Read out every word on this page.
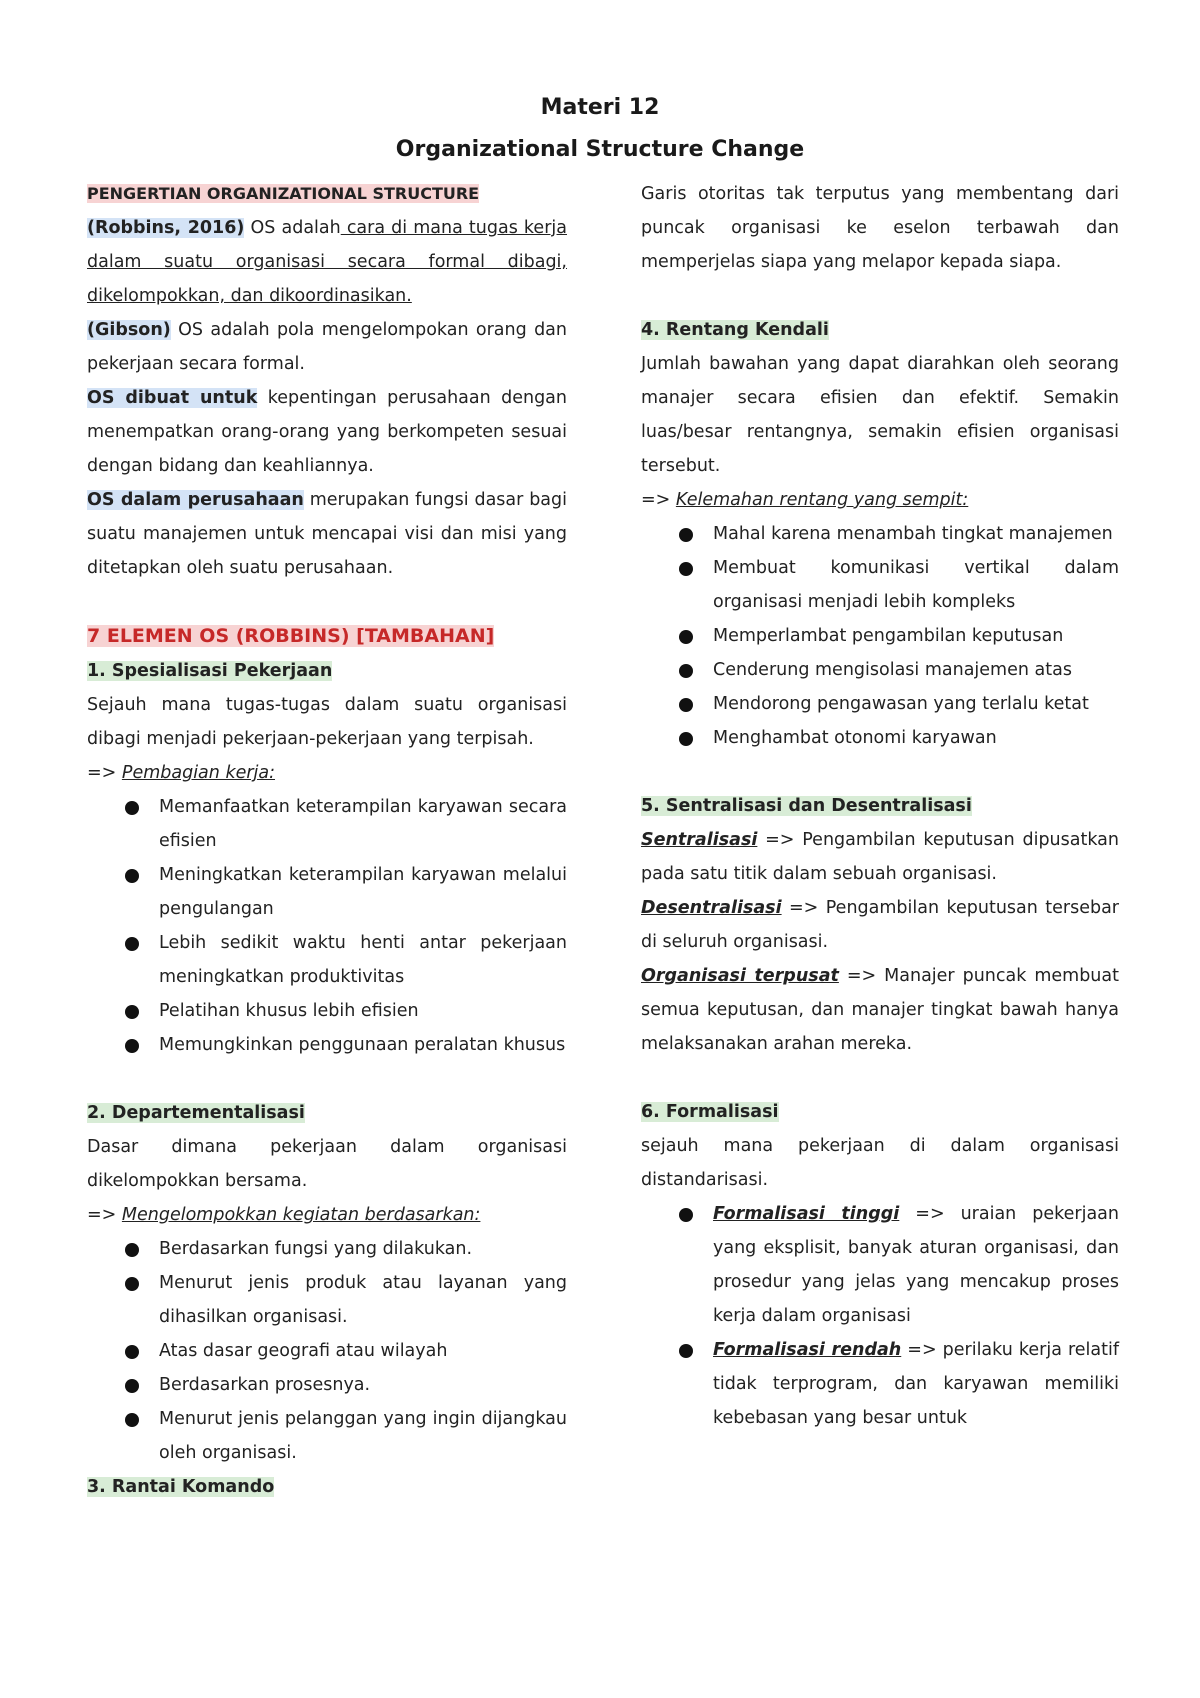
Materi 12
Organizational Structure Change

PENGERTIAN ORGANIZATIONAL STRUCTURE

(Robbins, 2016) OS adalah cara di mana tugas kerja dalam suatu organisasi secara formal dibagi, dikelompokkan, dan dikoordinasikan.

(Gibson) OS adalah pola mengelompokan orang dan pekerjaan secara formal.

OS dibuat untuk kepentingan perusahaan dengan menempatkan orang-orang yang berkompeten sesuai dengan bidang dan keahliannya.

OS dalam perusahaan merupakan fungsi dasar bagi suatu manajemen untuk mencapai visi dan misi yang ditetapkan oleh suatu perusahaan.

7 ELEMEN OS (ROBBINS) [TAMBAHAN]

1. Spesialisasi Pekerjaan

Sejauh mana tugas-tugas dalam suatu organisasi dibagi menjadi pekerjaan-pekerjaan yang terpisah.

=> Pembagian kerja:

Memanfaatkan keterampilan karyawan secara efisien
Meningkatkan keterampilan karyawan melalui pengulangan
Lebih sedikit waktu henti antar pekerjaan meningkatkan produktivitas
Pelatihan khusus lebih efisien
Memungkinkan penggunaan peralatan khusus

2. Departementalisasi

Dasar dimana pekerjaan dalam organisasi dikelompokkan bersama.

=> Mengelompokkan kegiatan berdasarkan:

Berdasarkan fungsi yang dilakukan.
Menurut jenis produk atau layanan yang dihasilkan organisasi.
Atas dasar geografi atau wilayah
Berdasarkan prosesnya.
Menurut jenis pelanggan yang ingin dijangkau oleh organisasi.

3. Rantai Komando

Garis otoritas tak terputus yang membentang dari puncak organisasi ke eselon terbawah dan memperjelas siapa yang melapor kepada siapa.

4. Rentang Kendali

Jumlah bawahan yang dapat diarahkan oleh seorang manajer secara efisien dan efektif. Semakin luas/besar rentangnya, semakin efisien organisasi tersebut.

=> Kelemahan rentang yang sempit:

Mahal karena menambah tingkat manajemen
Membuat komunikasi vertikal dalam organisasi menjadi lebih kompleks
Memperlambat pengambilan keputusan
Cenderung mengisolasi manajemen atas
Mendorong pengawasan yang terlalu ketat
Menghambat otonomi karyawan

5. Sentralisasi dan Desentralisasi

Sentralisasi => Pengambilan keputusan dipusatkan pada satu titik dalam sebuah organisasi.

Desentralisasi => Pengambilan keputusan tersebar di seluruh organisasi.

Organisasi terpusat => Manajer puncak membuat semua keputusan, dan manajer tingkat bawah hanya melaksanakan arahan mereka.

6. Formalisasi

sejauh mana pekerjaan di dalam organisasi distandarisasi.

Formalisasi tinggi => uraian pekerjaan yang eksplisit, banyak aturan organisasi, dan prosedur yang jelas yang mencakup proses kerja dalam organisasi
Formalisasi rendah => perilaku kerja relatif tidak terprogram, dan karyawan memiliki kebebasan yang besar untuk
